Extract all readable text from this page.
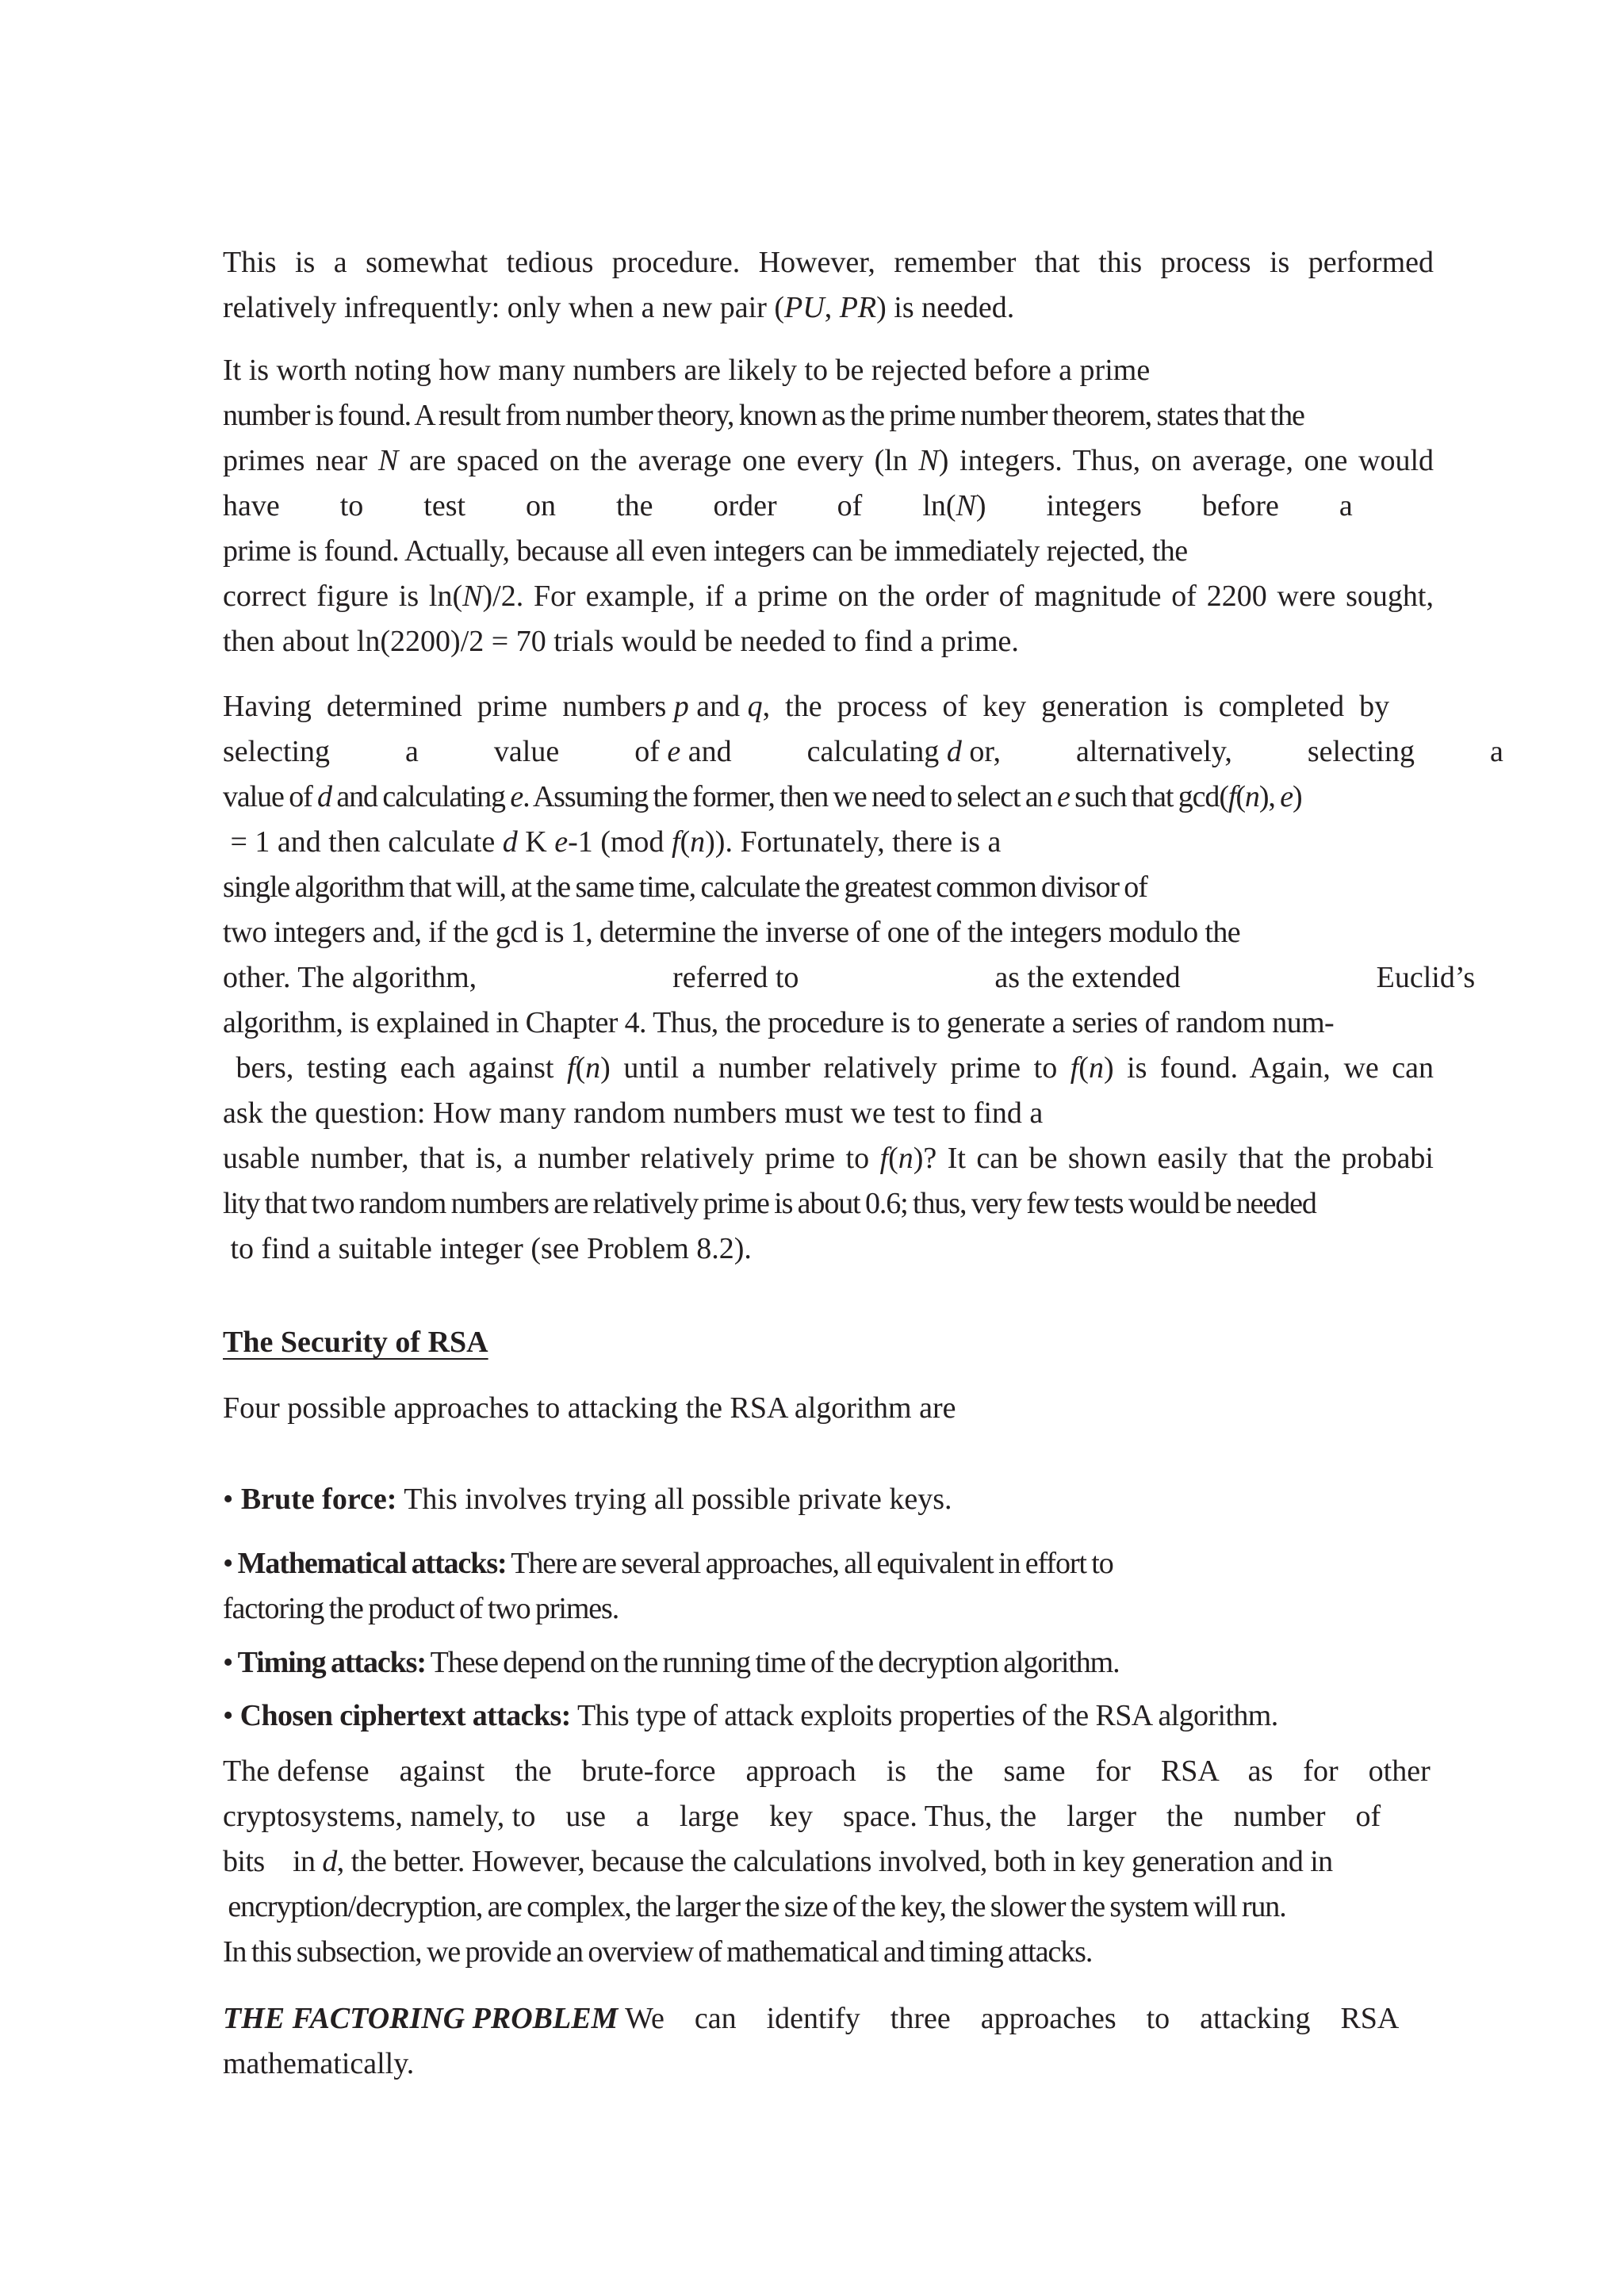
This is a somewhat tedious procedure. However, remember that this process is performed
relatively infrequently: only when a new pair (PU, PR) is needed.
It is worth noting how many numbers are likely to be rejected before a prime
number is found. A result from number theory, known as the prime number theorem, states that the
primes near N are spaced on the average one every (ln N) integers. Thus, on average, one would
have        to        test        on        the        order        of        ln(N)        integers        before        a
prime is found. Actually, because all even integers can be immediately rejected, the
correct figure is ln(N)/2. For example, if a prime on the order of magnitude of 2200 were sought,
then about ln(2200)/2 = 70 trials would be needed to find a prime.
Having  determined  prime  numbers p and q,  the  process  of  key  generation  is  completed  by
selecting          a          value          of e and          calculating d or,          alternatively,          selecting          a
value of d and calculating e. Assuming the former, then we need to select an e such that gcd(f(n), e)
= 1 and then calculate d K e-1 (mod f(n)). Fortunately, there is a
single algorithm that will, at the same time, calculate the greatest common divisor of
two integers and, if the gcd is 1, determine the inverse of one of the integers modulo the
other. The algorithm,                          referred to                          as the extended                          Euclid’s
algorithm, is explained in Chapter 4. Thus, the procedure is to generate a series of random num-
bers, testing each against f(n) until a number relatively prime to f(n) is found. Again, we can
ask the question: How many random numbers must we test to find a
usable number, that is, a number relatively prime to f(n)? It can be shown easily that the probabi
lity that two random numbers are relatively prime is about 0.6; thus, very few tests would be needed
to find a suitable integer (see Problem 8.2).
The Security of RSA
Four possible approaches to attacking the RSA algorithm are
• Brute force: This involves trying all possible private keys.
• Mathematical attacks: There are several approaches, all equivalent in effort to
factoring the product of two primes.
• Timing attacks: These depend on the running time of the decryption algorithm.
• Chosen ciphertext attacks: This type of attack exploits properties of the RSA algorithm.
The defense    against    the    brute-force    approach    is    the    same    for    RSA    as    for    other
cryptosystems, namely, to    use    a    large    key    space. Thus, the    larger    the    number    of
bits    in d, the better. However, because the calculations involved, both in key generation and in
encryption/decryption, are complex, the larger the size of the key, the slower the system will run.
In this subsection, we provide an overview of mathematical and timing attacks.
THE FACTORING PROBLEM We    can    identify    three    approaches    to    attacking    RSA
mathematically.
